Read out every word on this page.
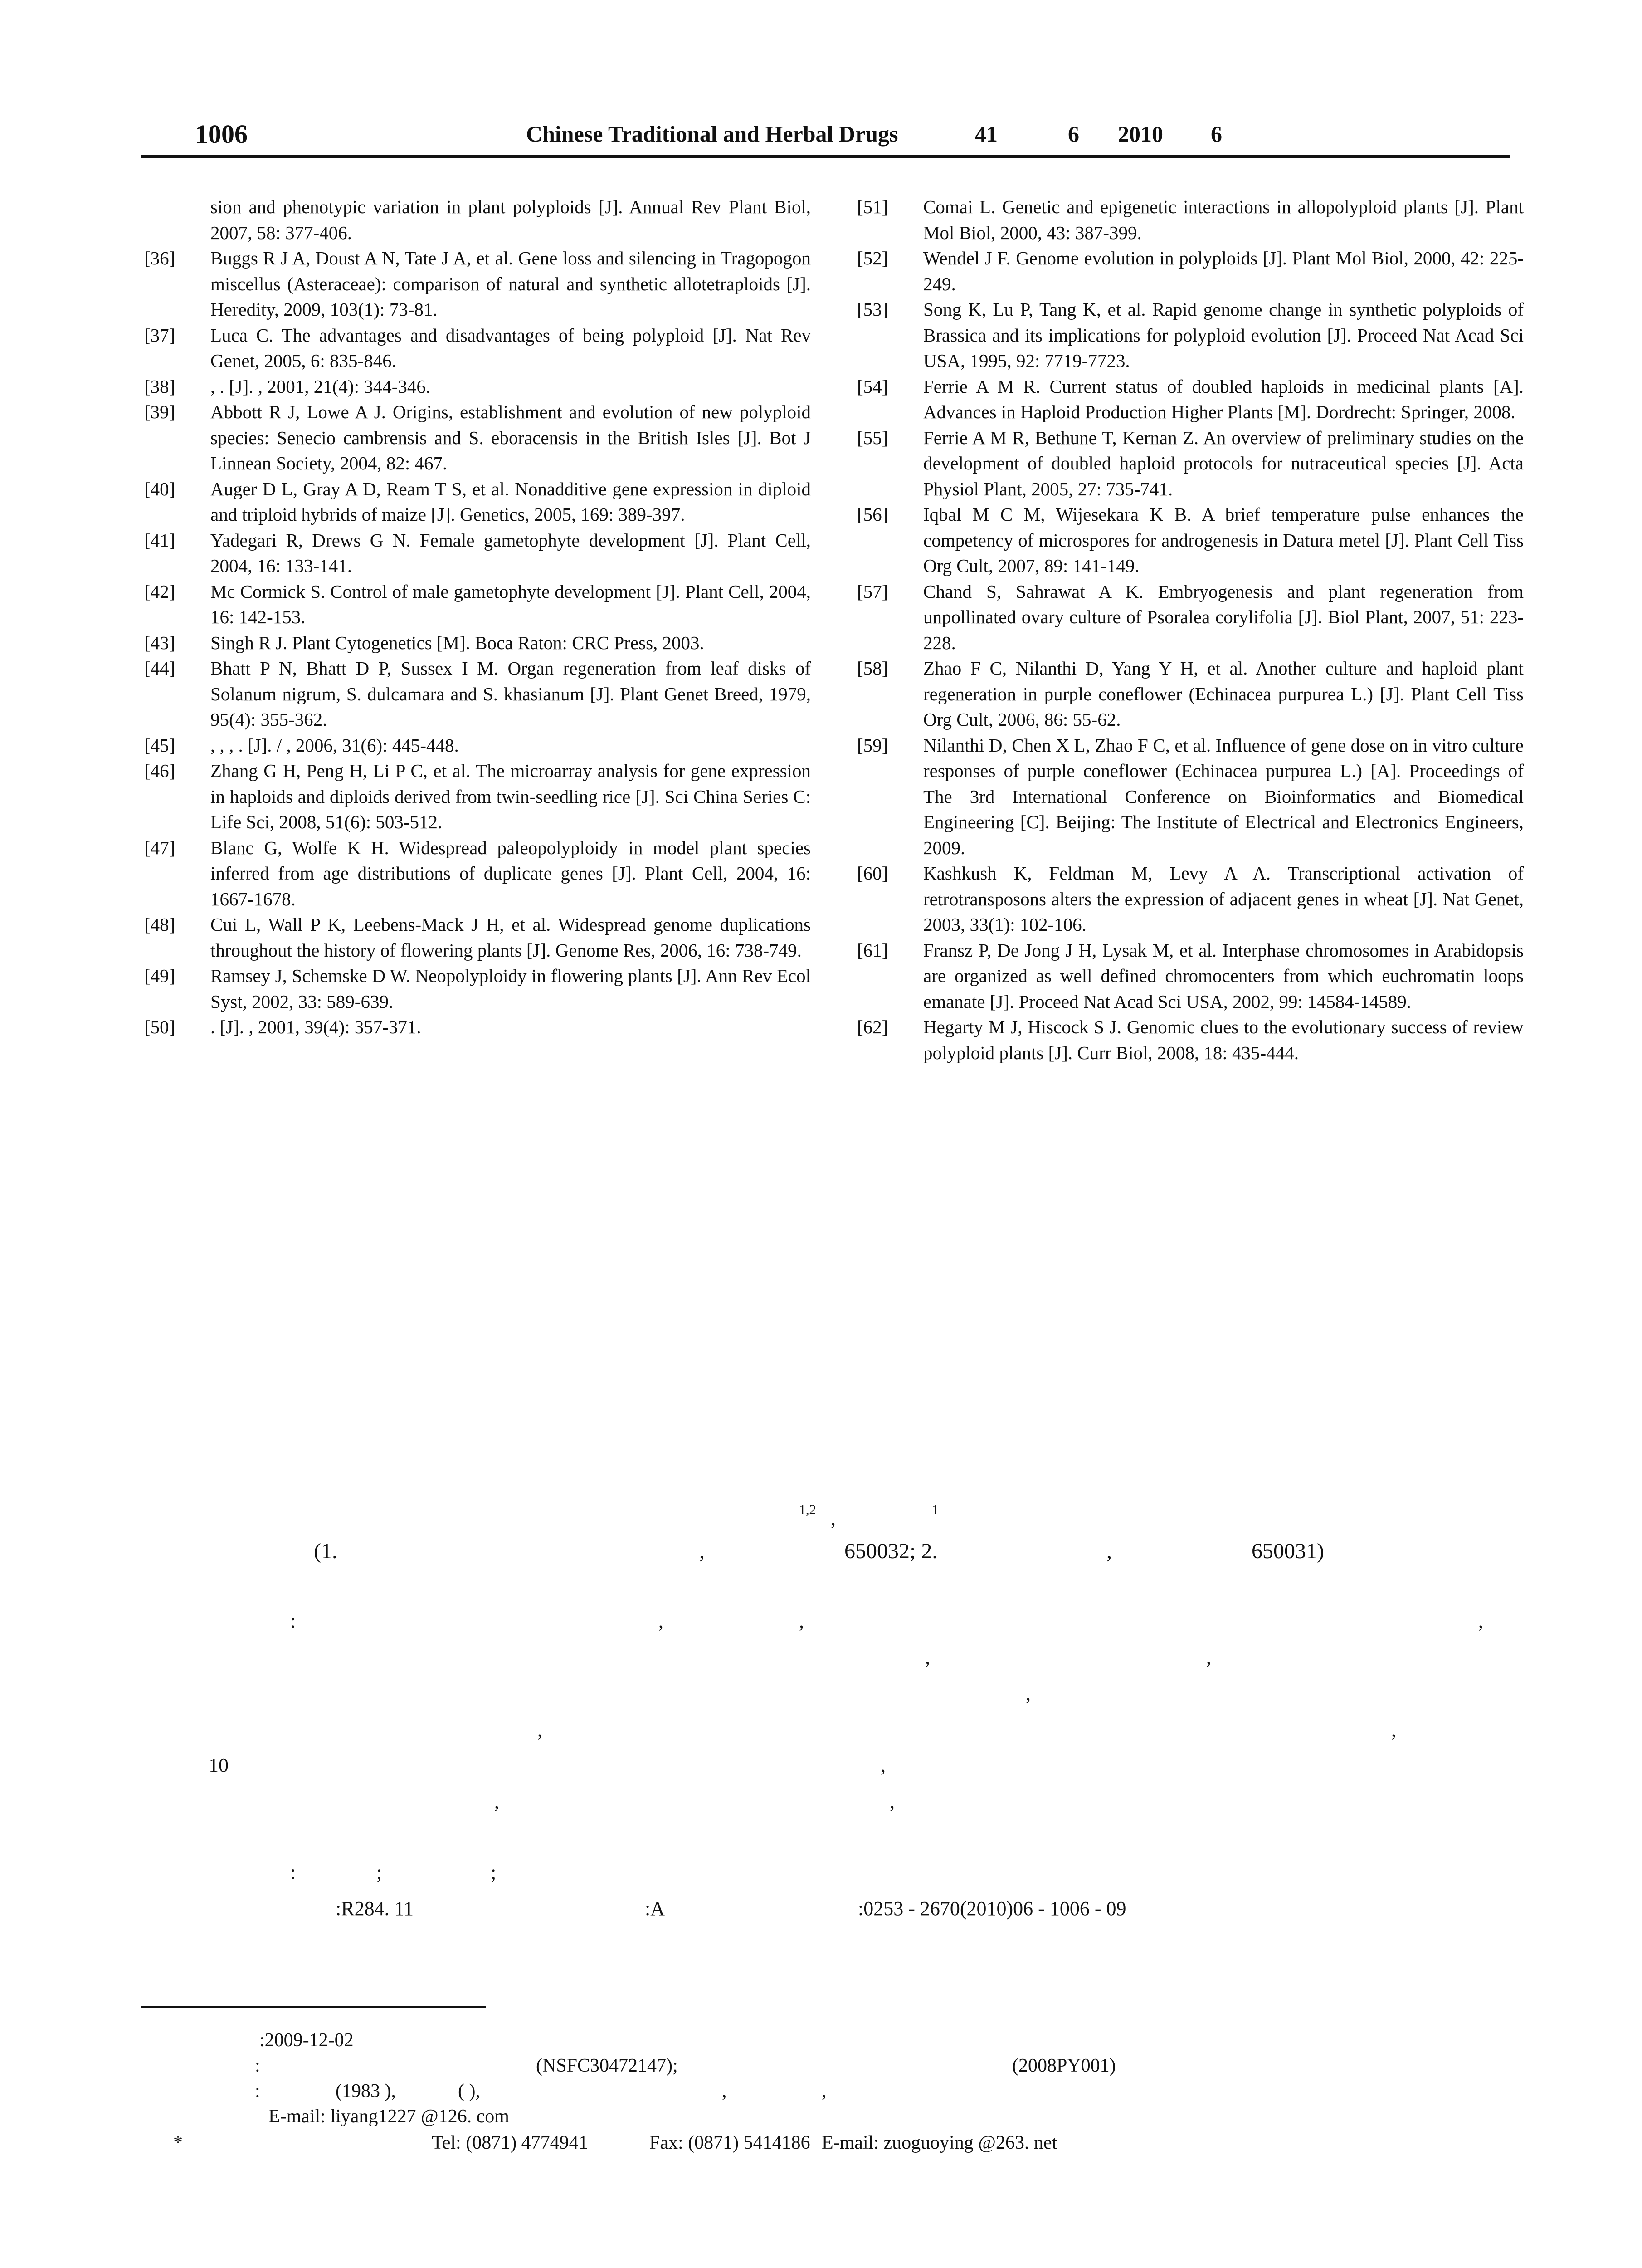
1006	Chinese Traditional and Herbal Drugs	41	6 2010 6
sion and phenotypic variation in plant polyploids [J]. Annual Rev Plant Biol, 2007, 58: 377-406.
[36] Buggs R J A, Doust A N, Tate J A, et al. Gene loss and silencing in Tragopogon miscellus (Asteraceae): comparison of natural and synthetic allotetraploids [J]. Heredity, 2009, 103(1): 73-81.
[37] Luca C. The advantages and disadvantages of being polyploid [J]. Nat Rev Genet, 2005, 6: 835-846.
[38] , . [J]. , 2001, 21(4): 344-346.
[39] Abbott R J, Lowe A J. Origins, establishment and evolution of new polyploid species: Senecio cambrensis and S. eboracensis in the British Isles [J]. Bot J Linnean Society, 2004, 82: 467.
[40] Auger D L, Gray A D, Ream T S, et al. Nonadditive gene expression in diploid and triploid hybrids of maize [J]. Genetics, 2005, 169: 389-397.
[41] Yadegari R, Drews G N. Female gametophyte development [J]. Plant Cell, 2004, 16: 133-141.
[42] Mc Cormick S. Control of male gametophyte development [J]. Plant Cell, 2004, 16: 142-153.
[43] Singh R J. Plant Cytogenetics [M]. Boca Raton: CRC Press, 2003.
[44] Bhatt P N, Bhatt D P, Sussex I M. Organ regeneration from leaf disks of Solanum nigrum, S. dulcamara and S. khasianum [J]. Plant Genet Breed, 1979, 95(4): 355-362.
[45] , , , . [J]. / , 2006, 31(6): 445-448.
[46] Zhang G H, Peng H, Li P C, et al. The microarray analysis for gene expression in haploids and diploids derived from twin-seedling rice [J]. Sci China Series C: Life Sci, 2008, 51(6): 503-512.
[47] Blanc G, Wolfe K H. Widespread paleopolyploidy in model plant species inferred from age distributions of duplicate genes [J]. Plant Cell, 2004, 16: 1667-1678.
[48] Cui L, Wall P K, Leebens-Mack J H, et al. Widespread genome duplications throughout the history of flowering plants [J]. Genome Res, 2006, 16: 738-749.
[49] Ramsey J, Schemske D W. Neopolyploidy in flowering plants [J]. Ann Rev Ecol Syst, 2002, 33: 589-639.
[50] . [J]. , 2001, 39(4): 357-371.
[51] Comai L. Genetic and epigenetic interactions in allopolyploid plants [J]. Plant Mol Biol, 2000, 43: 387-399.
[52] Wendel J F. Genome evolution in polyploids [J]. Plant Mol Biol, 2000, 42: 225-249.
[53] Song K, Lu P, Tang K, et al. Rapid genome change in synthetic polyploids of Brassica and its implications for polyploid evolution [J]. Proceed Nat Acad Sci USA, 1995, 92: 7719-7723.
[54] Ferrie A M R. Current status of doubled haploids in medicinal plants [A]. Advances in Haploid Production Higher Plants [M]. Dordrecht: Springer, 2008.
[55] Ferrie A M R, Bethune T, Kernan Z. An overview of preliminary studies on the development of doubled haploid protocols for nutraceutical species [J]. Acta Physiol Plant, 2005, 27: 735-741.
[56] Iqbal M C M, Wijesekara K B. A brief temperature pulse enhances the competency of microspores for androgenesis in Datura metel [J]. Plant Cell Tiss Org Cult, 2007, 89: 141-149.
[57] Chand S, Sahrawat A K. Embryogenesis and plant regeneration from unpollinated ovary culture of Psoralea corylifolia [J]. Biol Plant, 2007, 51: 223-228.
[58] Zhao F C, Nilanthi D, Yang Y H, et al. Another culture and haploid plant regeneration in purple coneflower (Echinacea purpurea L.) [J]. Plant Cell Tiss Org Cult, 2006, 86: 55-62.
[59] Nilanthi D, Chen X L, Zhao F C, et al. Influence of gene dose on in vitro culture responses of purple coneflower (Echinacea purpurea L.) [A]. Proceedings of The 3rd International Conference on Bioinformatics and Biomedical Engineering [C]. Beijing: The Institute of Electrical and Electronics Engineers, 2009.
[60] Kashkush K, Feldman M, Levy A A. Transcriptional activation of retrotransposons alters the expression of adjacent genes in wheat [J]. Nat Genet, 2003, 33(1): 102-106.
[61] Fransz P, De Jong J H, Lysak M, et al. Interphase chromosomes in Arabidopsis are organized as well defined chromocenters from which euchromatin loops emanate [J]. Proceed Nat Acad Sci USA, 2002, 99: 14584-14589.
[62] Hegarty M J, Hiscock S J. Genomic clues to the evolutionary success of review polyploid plants [J]. Curr Biol, 2008, 18: 435-444.
1,2 ,	1
(1.	,	650032; 2.	,	650031)
:	,	,	,
,	,
,
,	,
10	,
,	,
:	;	;
:R284. 11	:A	:0253 - 2670(2010)06 - 1006 - 09
:2009-12-02
:	(NSFC30472147);	(2008PY001)
:	(1983 ),	( ),	,	,
E-mail: liyang1227 @126. com
*	Tel: (0871) 4774941	Fax: (0871) 5414186 E-mail: zuoguoying @263. net
